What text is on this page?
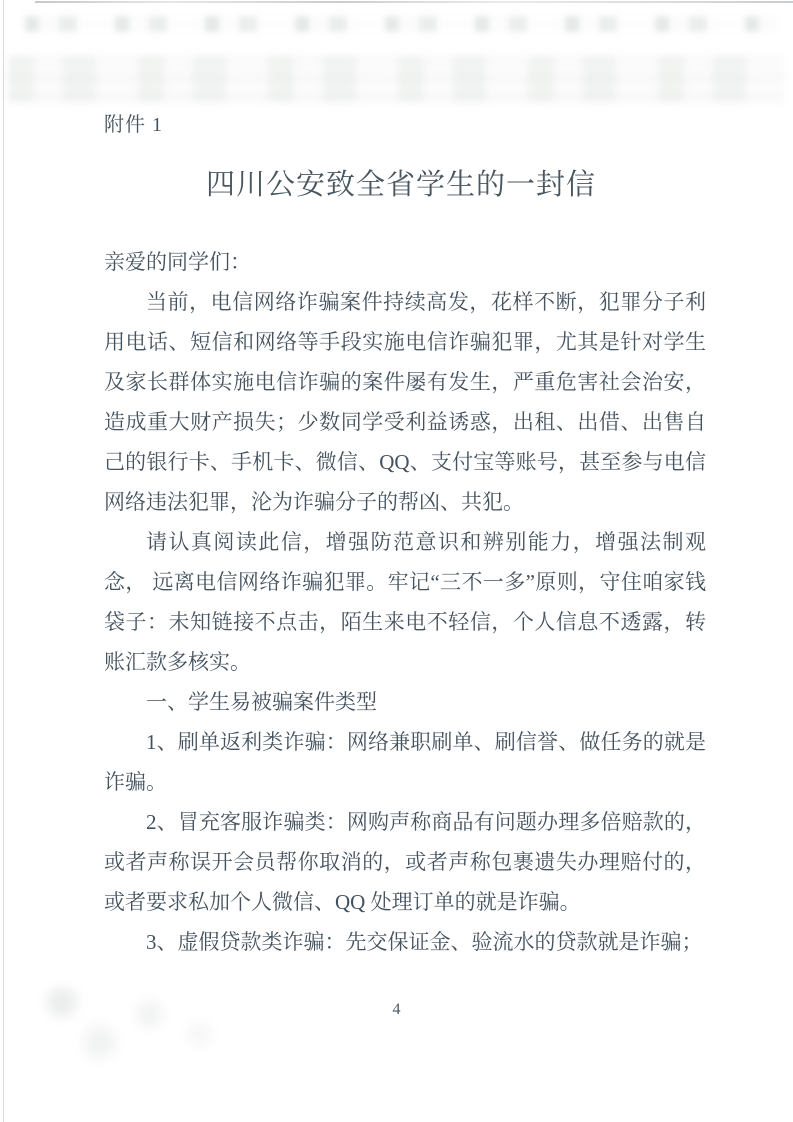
附件 1
四川公安致全省学生的一封信

亲爱的同学们：

当前，电信网络诈骗案件持续高发，花样不断，犯罪分子利用电话、短信和网络等手段实施电信诈骗犯罪，尤其是针对学生及家长群体实施电信诈骗的案件屡有发生，严重危害社会治安， 造成重大财产损失；少数同学受利益诱惑，出租、出借、出售自己的银行卡、手机卡、微信、QQ、支付宝等账号，甚至参与电信网络违法犯罪，沦为诈骗分子的帮凶、共犯。

请认真阅读此信，增强防范意识和辨别能力，增强法制观念， 远离电信网络诈骗犯罪。牢记“三不一多”原则，守住咱家钱袋子：未知链接不点击，陌生来电不轻信，个人信息不透露，转账汇款多核实。

一、学生易被骗案件类型

1、刷单返利类诈骗：网络兼职刷单、刷信誉、做任务的就是诈骗。

2、冒充客服诈骗类：网购声称商品有问题办理多倍赔款的，或者声称误开会员帮你取消的，或者声称包裹遗失办理赔付的，或者要求私加个人微信、QQ 处理订单的就是诈骗。

3、虚假贷款类诈骗：先交保证金、验流水的贷款就是诈骗；

4
